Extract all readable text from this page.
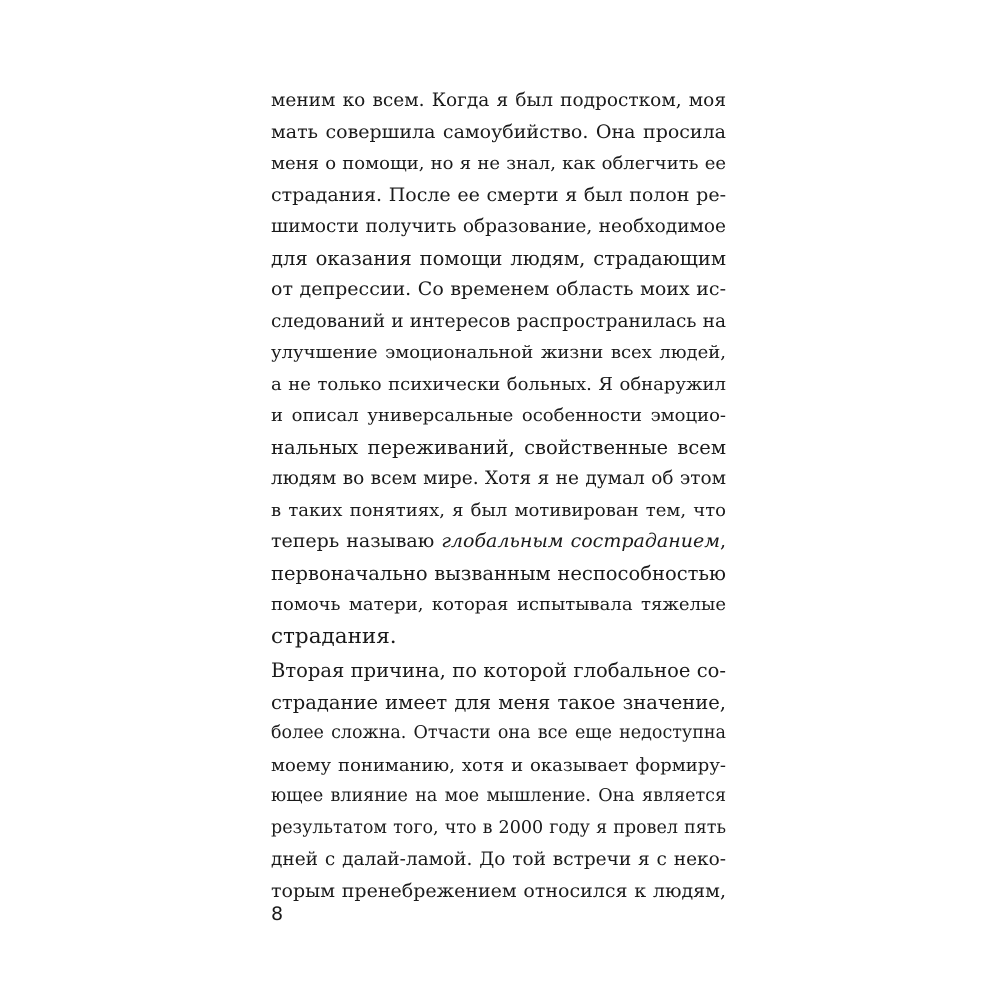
меним ко всем. Когда я был подростком, моя
мать совершила самоубийство. Она просила
меня о помощи, но я не знал, как облегчить ее
страдания. После ее смерти я был полон ре-
шимости получить образование, необходимое
для оказания помощи людям, страдающим
от депрессии. Со временем область моих ис-
следований и интересов распространилась на
улучшение эмоциональной жизни всех людей,
а не только психически больных. Я обнаружил
и описал универсальные особенности эмоцио-
нальных переживаний, свойственные всем
людям во всем мире. Хотя я не думал об этом
в таких понятиях, я был мотивирован тем, что
теперь называю глобальным состраданием,
первоначально вызванным неспособностью
помочь матери, которая испытывала тяжелые
страдания.
Вторая причина, по которой глобальное со-
страдание имеет для меня такое значение,
более сложна. Отчасти она все еще недоступна
моему пониманию, хотя и оказывает формиру-
ющее влияние на мое мышление. Она является
результатом того, что в 2000 году я провел пять
дней с далай-ламой. До той встречи я с неко-
торым пренебрежением относился к людям,
8
